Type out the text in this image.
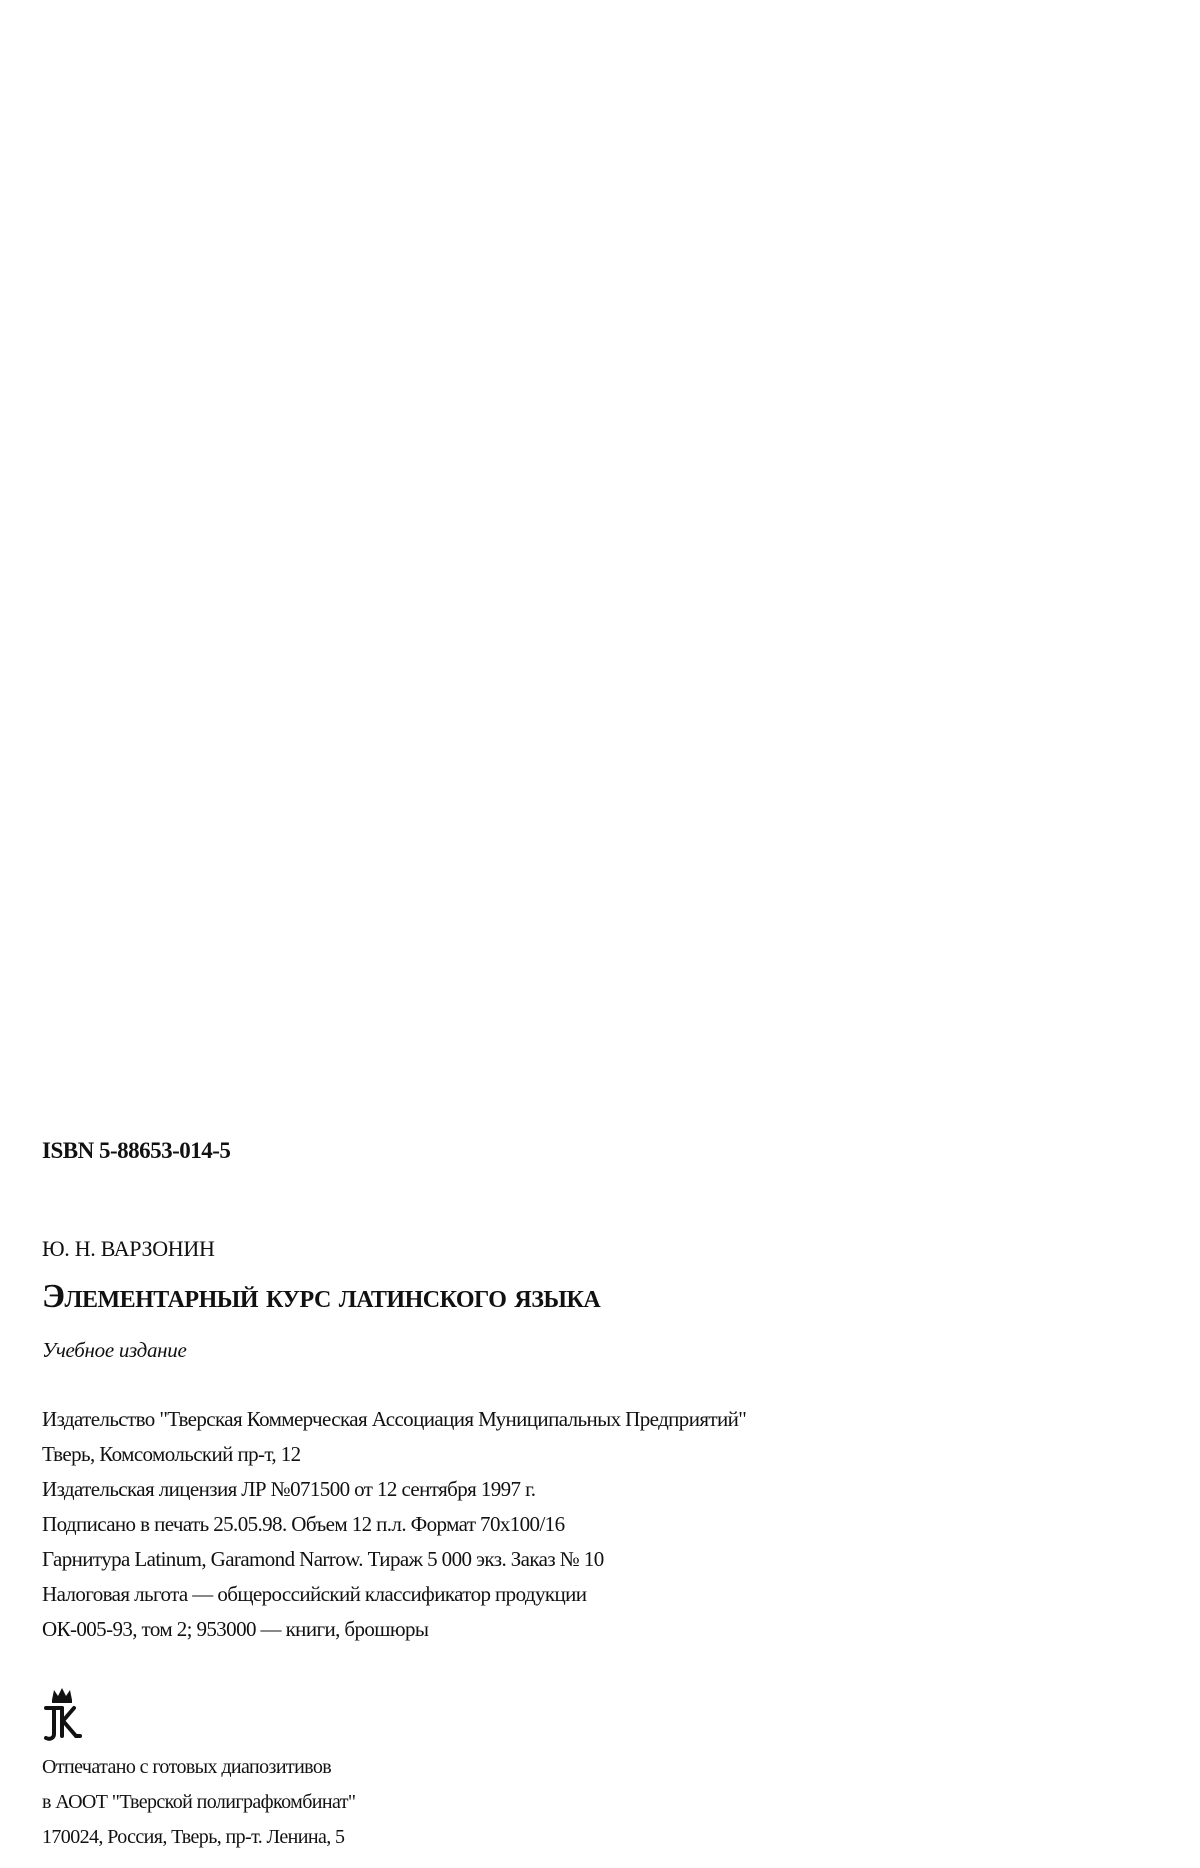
ISBN 5-88653-014-5
Ю. Н. ВАРЗОНИН
Элементарный курс латинского языка
Учебное издание
Издательство "Тверская Коммерческая Ассоциация Муниципальных Предприятий"
Тверь, Комсомольский пр-т, 12
Издательская лицензия ЛР №071500 от 12 сентября 1997 г.
Подписано в печать 25.05.98. Объем 12 п.л. Формат 70x100/16
Гарнитура Latinum, Garamond Narrow. Тираж 5 000 экз. Заказ № 10
Налоговая льгота — общероссийский классификатор продукции
ОК-005-93, том 2; 953000 — книги, брошюры
Отпечатано с готовых диапозитивов
в АООТ "Тверской полиграфкомбинат"
170024, Россия, Тверь, пр-т. Ленина, 5
